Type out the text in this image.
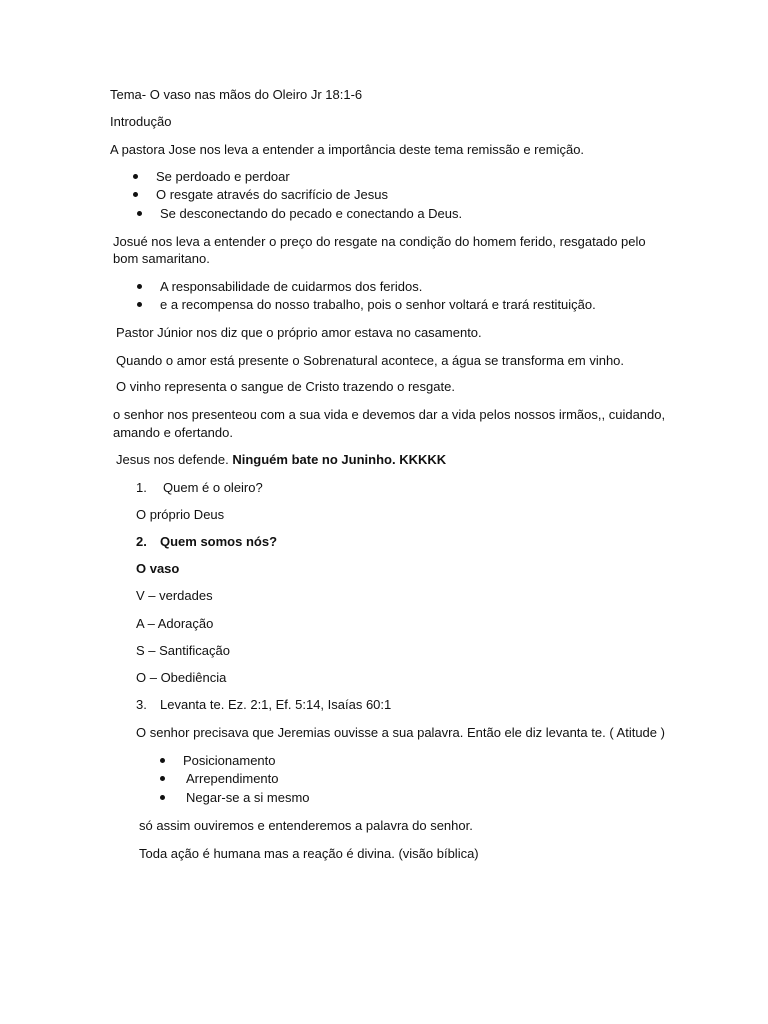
Tema- O vaso nas mãos do Oleiro Jr 18:1-6
Introdução
A pastora Jose nos leva a entender a importância deste tema remissão e remição.
Se perdoado e perdoar
O resgate através do sacrifício de Jesus
Se desconectando do pecado e conectando a Deus.
Josué nos leva a entender o preço do resgate na condição do homem ferido, resgatado pelo
bom samaritano.
A responsabilidade de cuidarmos dos feridos.
e a recompensa do nosso trabalho, pois o senhor voltará e trará restituição.
Pastor Júnior nos diz que o próprio amor estava no casamento.
Quando o amor está presente o Sobrenatural acontece, a água se transforma em vinho.
O vinho representa o sangue de Cristo trazendo o resgate.
o senhor nos presenteou com a sua vida e devemos dar a vida pelos nossos irmãos,, cuidando,
amando e ofertando.
Jesus nos defende. Ninguém bate no Juninho. KKKKK
1. Quem é o oleiro?
O próprio Deus
2. Quem somos nós?
O vaso
V – verdades
A – Adoração
S – Santificação
O – Obediência
3. Levanta te. Ez. 2:1, Ef. 5:14, Isaías 60:1
O senhor precisava que Jeremias ouvisse a sua palavra. Então ele diz levanta te. ( Atitude )
Posicionamento
Arrependimento
Negar-se a si mesmo
só assim ouviremos e entenderemos a palavra do senhor.
Toda ação é humana mas a reação é divina. (visão bíblica)
